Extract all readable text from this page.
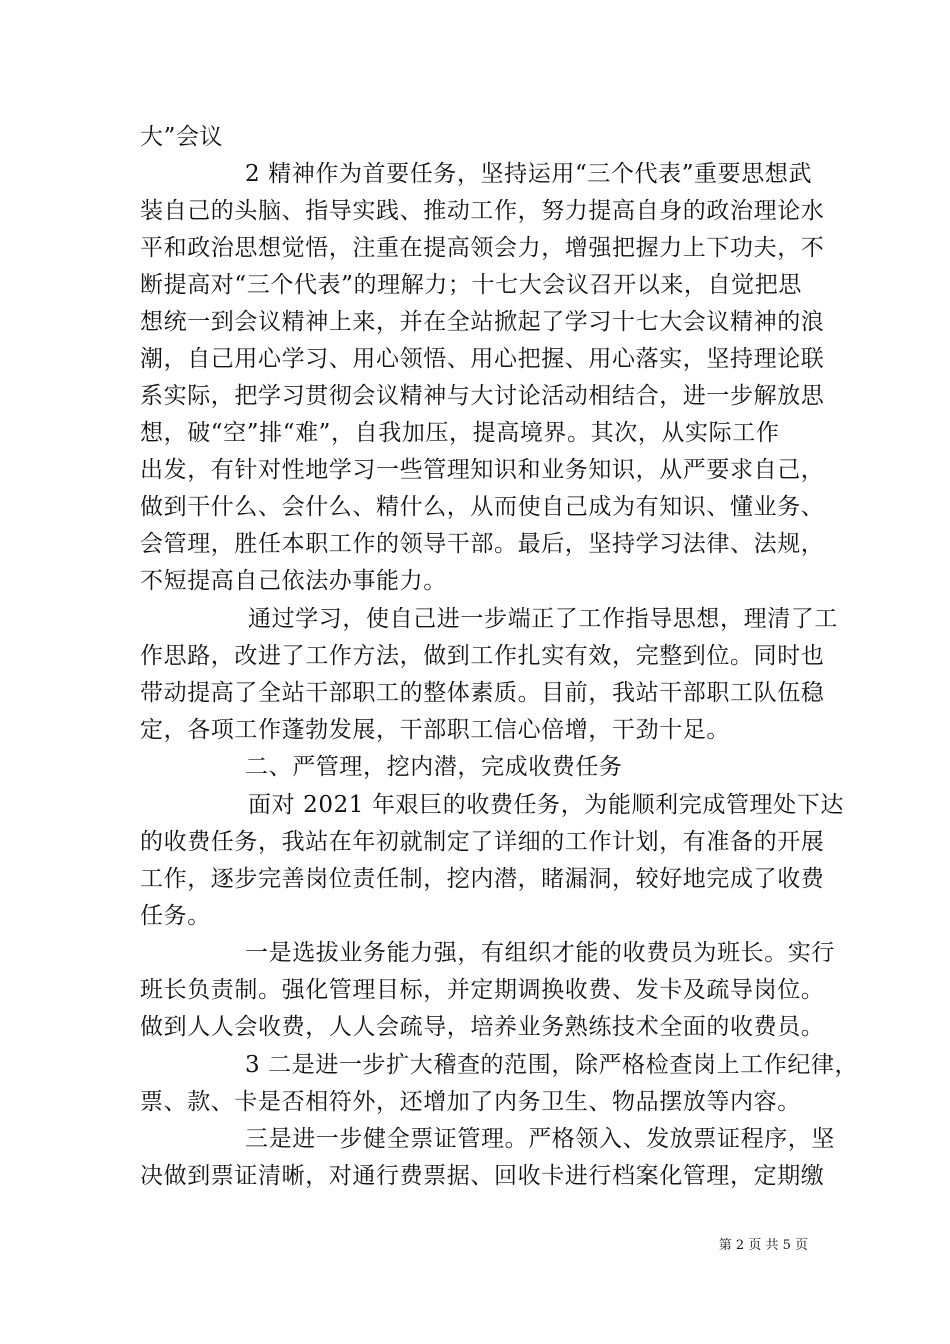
大”会议
2 精神作为首要任务，坚持运用“三个代表”重要思想武
装自己的头脑、指导实践、推动工作，努力提高自身的政治理论水
平和政治思想觉悟，注重在提高领会力，增强把握力上下功夫，不
断提高对“三个代表”的理解力；十七大会议召开以来，自觉把思
想统一到会议精神上来，并在全站掀起了学习十七大会议精神的浪
潮，自己用心学习、用心领悟、用心把握、用心落实，坚持理论联
系实际，把学习贯彻会议精神与大讨论活动相结合，进一步解放思
想，破“空”排“难”，自我加压，提高境界。其次，从实际工作
出发，有针对性地学习一些管理知识和业务知识，从严要求自己，
做到干什么、会什么、精什么，从而使自己成为有知识、懂业务、
会管理，胜任本职工作的领导干部。最后，坚持学习法律、法规，
不短提高自己依法办事能力。
通过学习，使自己进一步端正了工作指导思想，理清了工
作思路，改进了工作方法，做到工作扎实有效，完整到位。同时也
带动提高了全站干部职工的整体素质。目前，我站干部职工队伍稳
定，各项工作蓬勃发展，干部职工信心倍增，干劲十足。
二、严管理，挖内潜，完成收费任务
面对 2021 年艰巨的收费任务，为能顺利完成管理处下达
的收费任务，我站在年初就制定了详细的工作计划，有准备的开展
工作，逐步完善岗位责任制，挖内潜，睹漏洞，较好地完成了收费
任务。
一是选拔业务能力强，有组织才能的收费员为班长。实行
班长负责制。强化管理目标，并定期调换收费、发卡及疏导岗位。
做到人人会收费，人人会疏导，培养业务熟练技术全面的收费员。
3 二是进一步扩大稽查的范围，除严格检查岗上工作纪律，
票、款、卡是否相符外，还增加了内务卫生、物品摆放等内容。
三是进一步健全票证管理。严格领入、发放票证程序，坚
决做到票证清晰，对通行费票据、回收卡进行档案化管理，定期缴
第 2 页 共 5 页
